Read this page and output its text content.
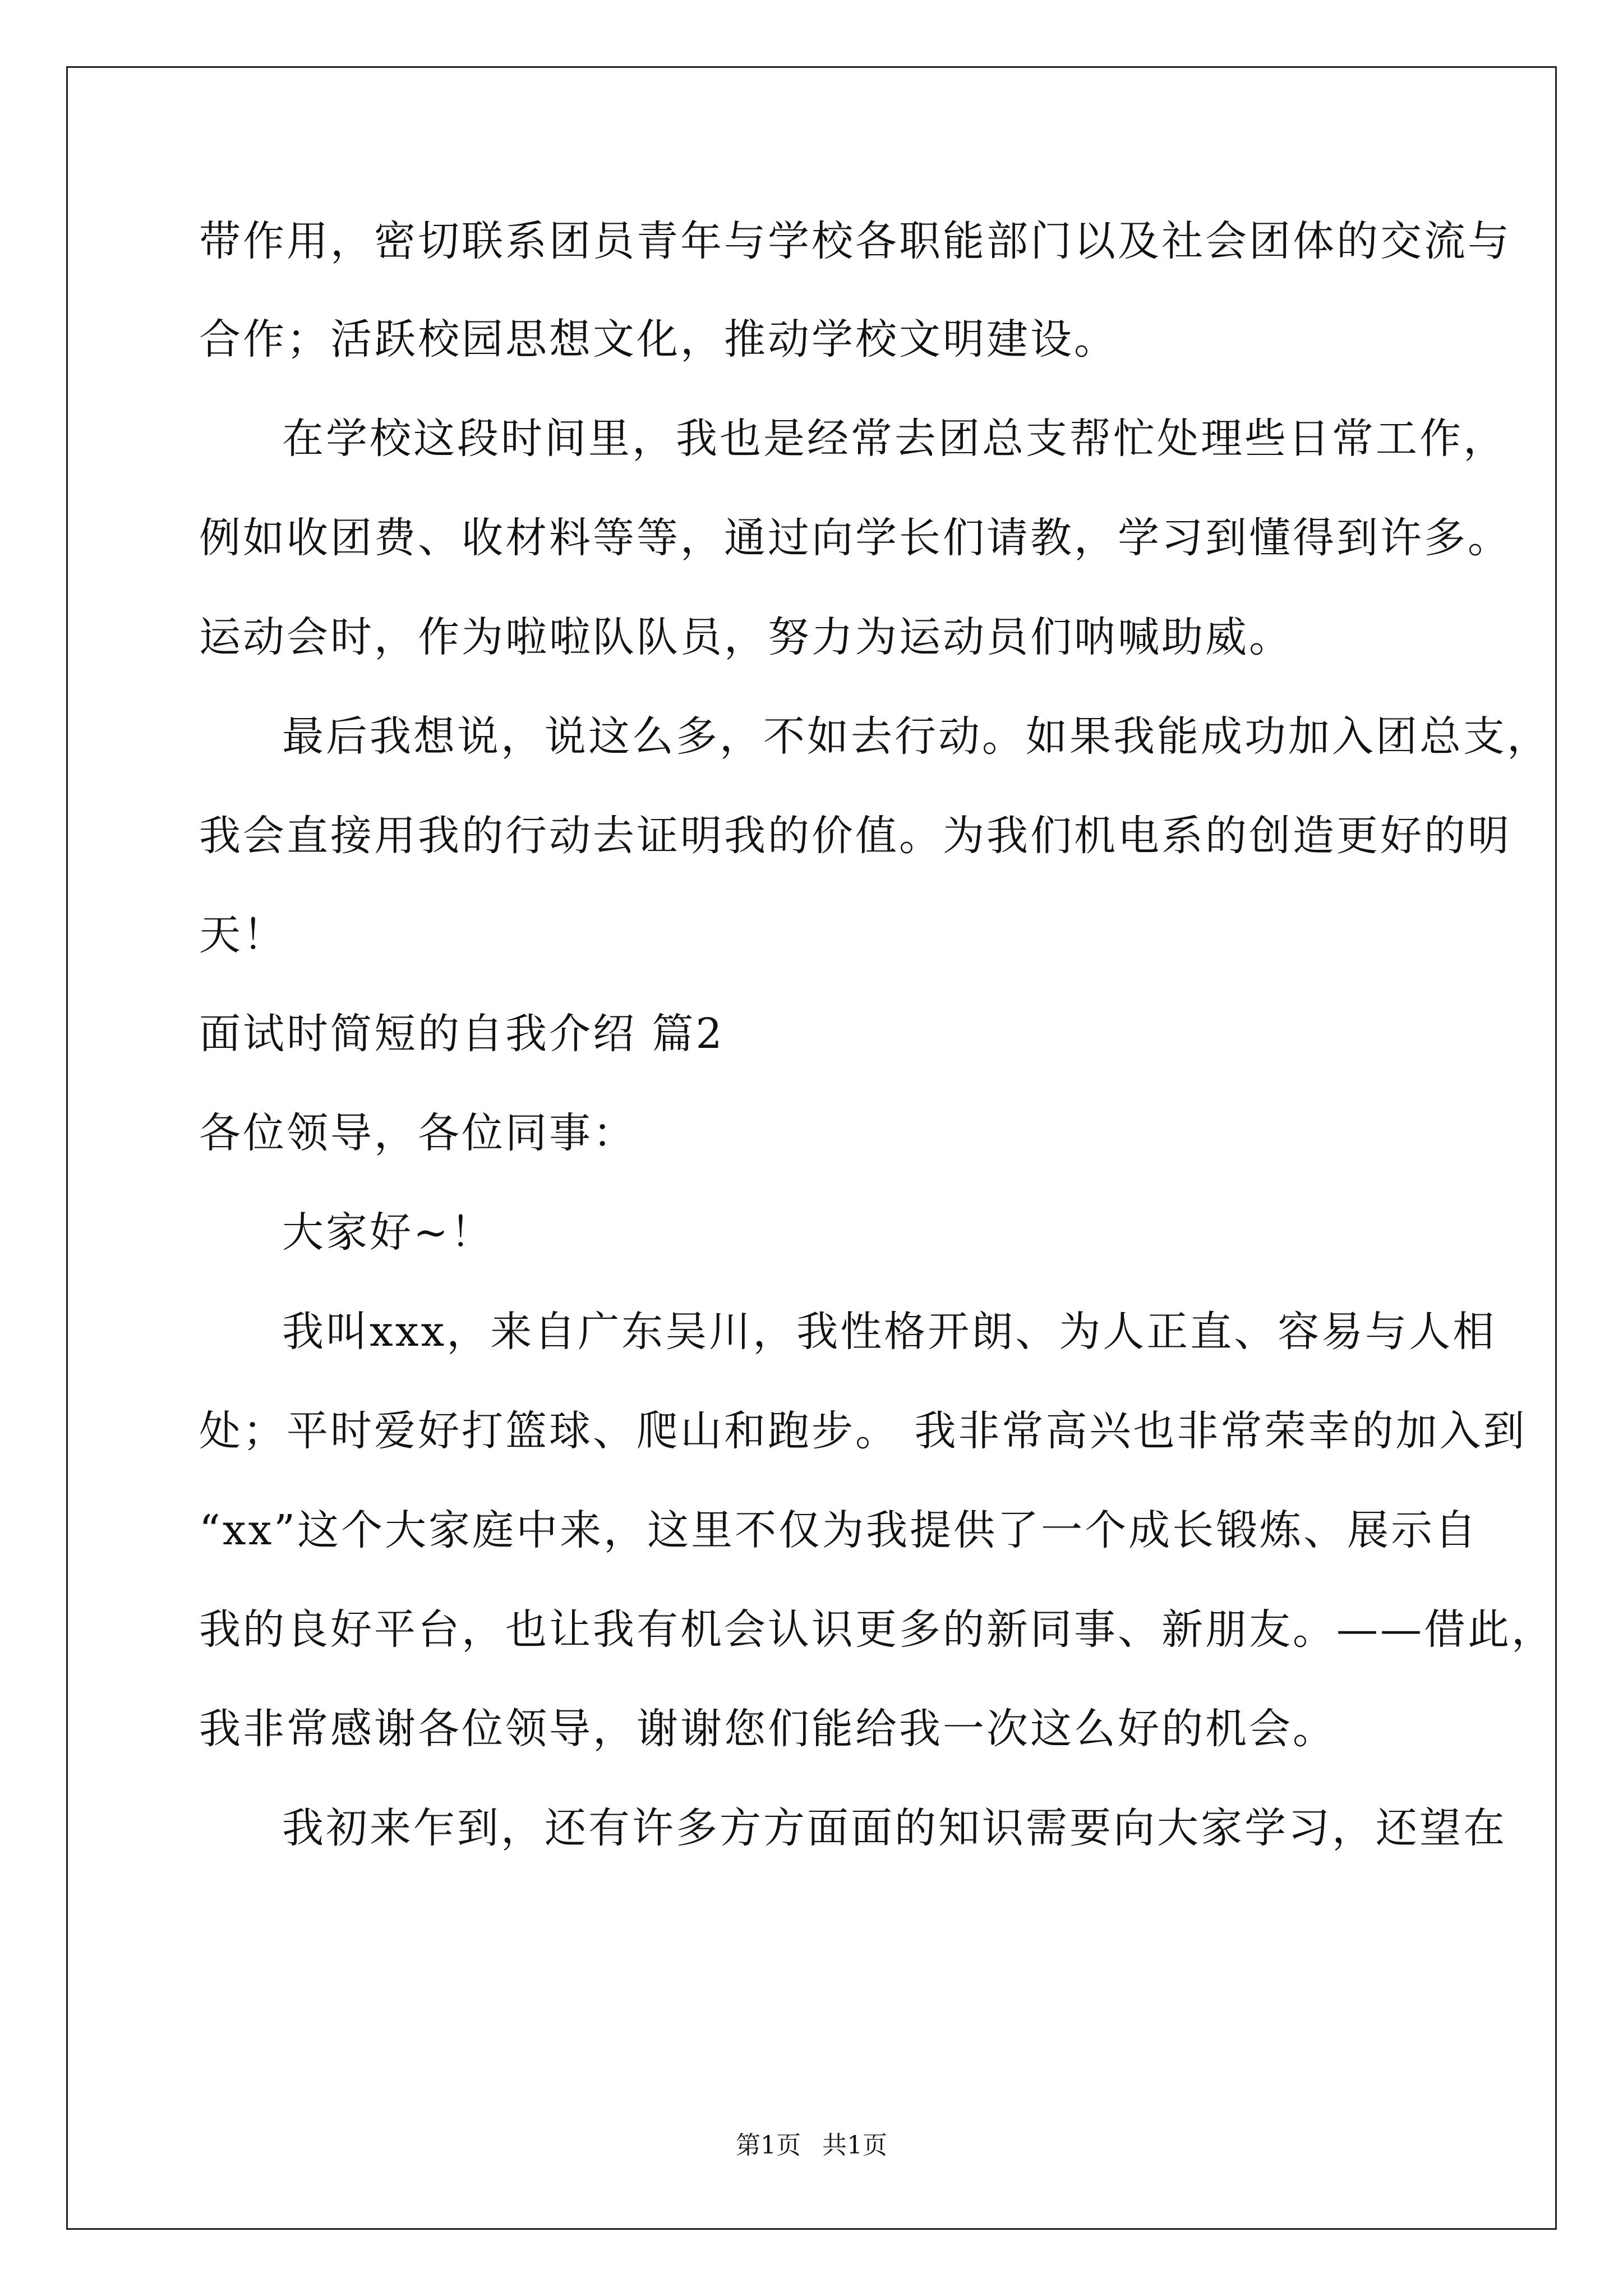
带作用，密切联系团员青年与学校各职能部门以及社会团体的交流与
合作；活跃校园思想文化，推动学校文明建设。
在学校这段时间里，我也是经常去团总支帮忙处理些日常工作，
例如收团费、收材料等等，通过向学长们请教，学习到懂得到许多。
运动会时，作为啦啦队队员，努力为运动员们呐喊助威。
最后我想说，说这么多，不如去行动。如果我能成功加入团总支，
我会直接用我的行动去证明我的价值。为我们机电系的创造更好的明
天！
面试时简短的自我介绍 篇2
各位领导，各位同事：
大家好~！
我叫xxx，来自广东吴川，我性格开朗、为人正直、容易与人相
处；平时爱好打篮球、爬山和跑步。 我非常高兴也非常荣幸的加入到
“xx”这个大家庭中来，这里不仅为我提供了一个成长锻炼、展示自
我的良好平台，也让我有机会认识更多的新同事、新朋友。——借此，
我非常感谢各位领导，谢谢您们能给我一次这么好的机会。
我初来乍到，还有许多方方面面的知识需要向大家学习，还望在
第1页 共1页
